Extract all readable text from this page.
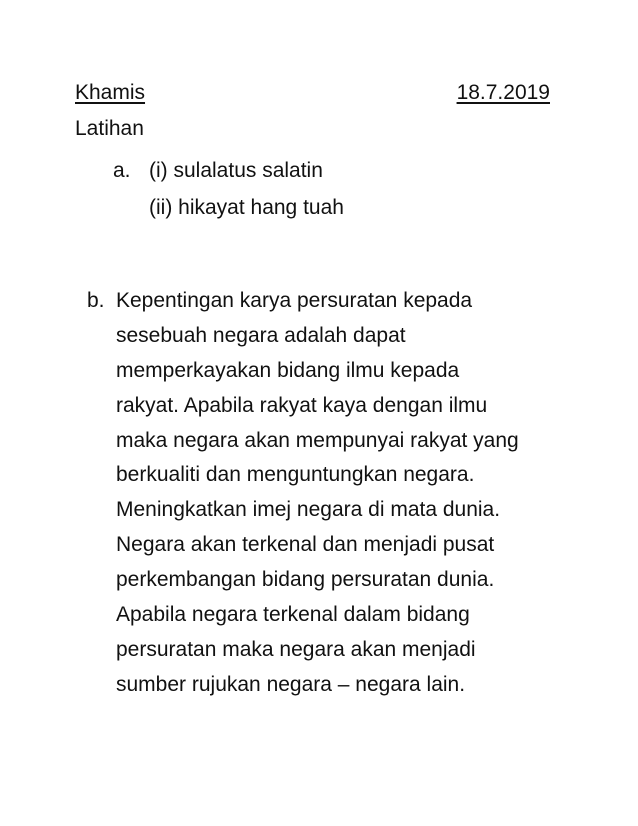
Khamis	18.7.2019
Latihan
a. (i) sulalatus salatin
(ii) hikayat hang tuah
b. Kepentingan karya persuratan kepada
sesebuah negara adalah dapat
memperkayakan bidang ilmu kepada
rakyat. Apabila rakyat kaya dengan ilmu
maka negara akan mempunyai rakyat yang
berkualiti dan menguntungkan negara.
Meningkatkan imej negara di mata dunia.
Negara akan terkenal dan menjadi pusat
perkembangan bidang persuratan dunia.
Apabila negara terkenal dalam bidang
persuratan maka negara akan menjadi
sumber rujukan negara – negara lain.
